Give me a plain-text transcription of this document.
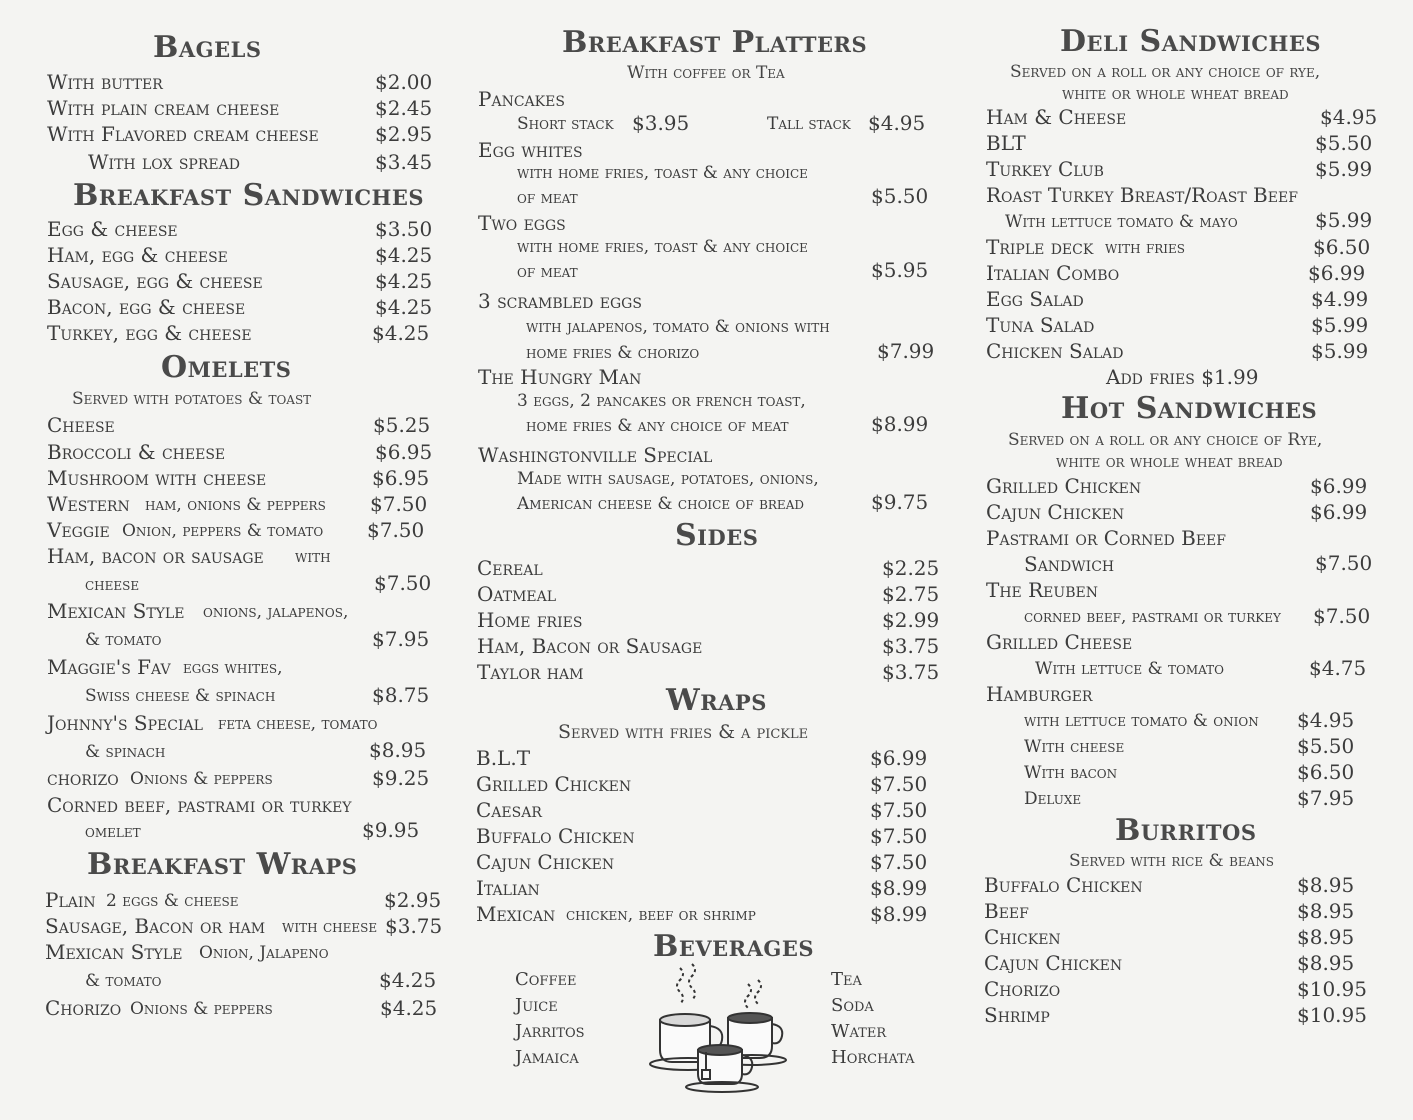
Bagels
With butter	$2.00
With plain cream cheese	$2.45
With Flavored cream cheese	$2.95
With lox spread	$3.45
Breakfast Sandwiches
Egg & cheese	$3.50
Ham, egg & cheese	$4.25
Sausage, egg & cheese	$4.25
Bacon, egg & cheese	$4.25
Turkey, egg & cheese	$4.25
Omelets
Served with potatoes & toast
Cheese	$5.25
Broccoli & cheese	$6.95
Mushroom with cheese	$6.95
Western ham, onions & peppers $7.50
Veggie Onion, peppers & tomato $7.50
Ham, bacon or sausage with
cheese	$7.50
Mexican Style onions, jalapenos,
& tomato	$7.95
Maggie's Fav eggs whites,
Swiss cheese & spinach	$8.75
Johnny's Special feta cheese, tomato
& spinach	$8.95
chorizo Onions & peppers	$9.25
Corned beef, pastrami or turkey
omelet	$9.95
Breakfast Wraps
Plain 2 eggs & cheese	$2.95
Sausage, Bacon or ham with cheese $3.75
Mexican Style Onion, Jalapeno
& tomato	$4.25
Chorizo Onions & peppers	$4.25
Breakfast Platters
With coffee or Tea
Pancakes
Short stack $3.95	Tall stack $4.95
Egg whites
with home fries, toast & any choice
of meat	$5.50
Two eggs
with home fries, toast & any choice
of meat	$5.95
3 scrambled eggs
with jalapenos, tomato & onions with
home fries & chorizo	$7.99
The Hungry Man
3 eggs, 2 pancakes or french toast,
home fries & any choice of meat	$8.99
Washingtonville Special
Made with sausage, potatoes, onions,
American cheese & choice of bread	$9.75
Sides
Cereal	$2.25
Oatmeal	$2.75
Home fries	$2.99
Ham, Bacon or Sausage	$3.75
Taylor ham	$3.75
Wraps
Served with fries & a pickle
B.L.T	$6.99
Grilled Chicken	$7.50
Caesar	$7.50
Buffalo Chicken	$7.50
Cajun Chicken	$7.50
Italian	$8.99
Mexican chicken, beef or shrimp	$8.99
Beverages
Coffee
Juice
Jarritos
Jamaica
Tea
Soda
Water
Horchata
Deli Sandwiches
Served on a roll or any choice of rye,
white or whole wheat bread
Ham & Cheese	$4.95
BLT	$5.50
Turkey Club	$5.99
Roast Turkey Breast/Roast Beef
With lettuce tomato & mayo	$5.99
Triple deck with fries	$6.50
Italian Combo	$6.99
Egg Salad	$4.99
Tuna Salad	$5.99
Chicken Salad	$5.99
Add fries $1.99
Hot Sandwiches
Served on a roll or any choice of Rye,
white or whole wheat bread
Grilled Chicken	$6.99
Cajun Chicken	$6.99
Pastrami or Corned Beef
Sandwich	$7.50
The Reuben
corned beef, pastrami or turkey $7.50
Grilled Cheese
With lettuce & tomato	$4.75
Hamburger
with lettuce tomato & onion $4.95
With cheese	$5.50
With bacon	$6.50
Deluxe	$7.95
Burritos
Served with rice & beans
Buffalo Chicken	$8.95
Beef	$8.95
Chicken	$8.95
Cajun Chicken	$8.95
Chorizo	$10.95
Shrimp	$10.95
